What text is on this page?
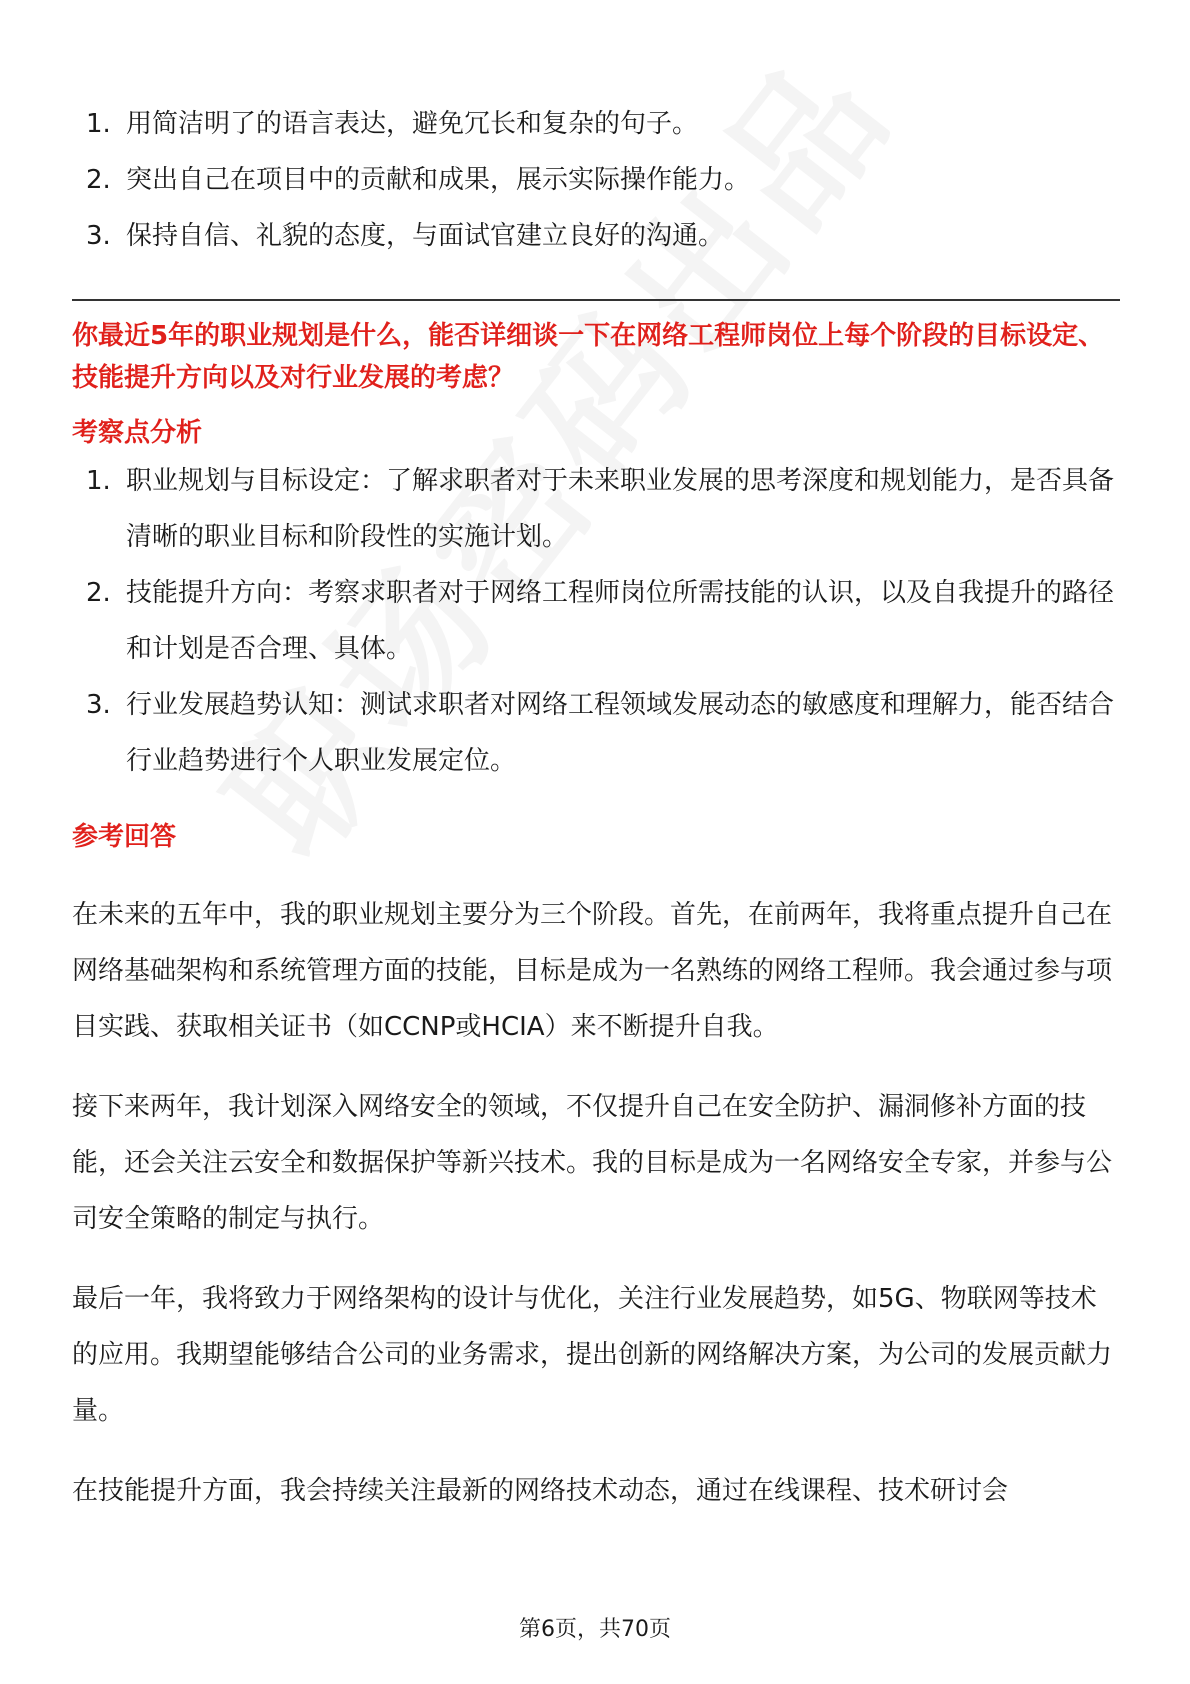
1. 用简洁明了的语言表达，避免冗长和复杂的句子。
2. 突出自己在项目中的贡献和成果，展示实际操作能力。
3. 保持自信、礼貌的态度，与面试官建立良好的沟通。
你最近5年的职业规划是什么，能否详细谈一下在网络工程师岗位上每个阶段的目标设定、技能提升方向以及对行业发展的考虑？
考察点分析
1. 职业规划与目标设定：了解求职者对于未来职业发展的思考深度和规划能力，是否具备清晰的职业目标和阶段性的实施计划。
2. 技能提升方向：考察求职者对于网络工程师岗位所需技能的认识，以及自我提升的路径和计划是否合理、具体。
3. 行业发展趋势认知：测试求职者对网络工程领域发展动态的敏感度和理解力，能否结合行业趋势进行个人职业发展定位。
参考回答

在未来的五年中，我的职业规划主要分为三个阶段。首先，在前两年，我将重点提升自己在网络基础架构和系统管理方面的技能，目标是成为一名熟练的网络工程师。我会通过参与项目实践、获取相关证书（如CCNP或HCIA）来不断提升自我。

接下来两年，我计划深入网络安全的领域，不仅提升自己在安全防护、漏洞修补方面的技能，还会关注云安全和数据保护等新兴技术。我的目标是成为一名网络安全专家，并参与公司安全策略的制定与执行。

最后一年，我将致力于网络架构的设计与优化，关注行业发展趋势，如5G、物联网等技术的应用。我期望能够结合公司的业务需求，提出创新的网络解决方案，为公司的发展贡献力量。

在技能提升方面，我会持续关注最新的网络技术动态，通过在线课程、技术研讨会

第6页，共70页
